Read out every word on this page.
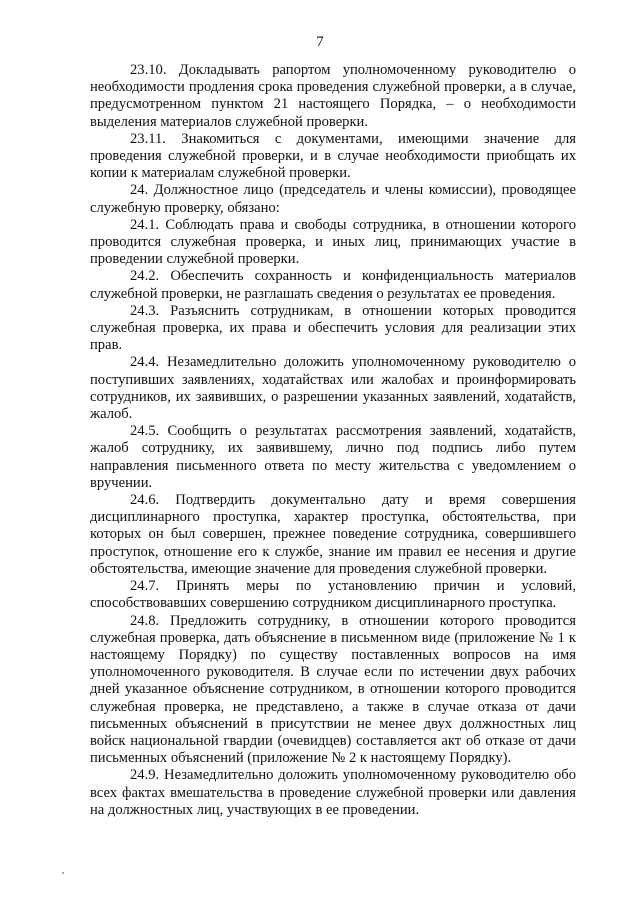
7

23.10. Докладывать рапортом уполномоченному руководителю о необходимости продления срока проведения служебной проверки, а в случае, предусмотренном пунктом 21 настоящего Порядка, – о необходимости выделения материалов служебной проверки.

23.11. Знакомиться с документами, имеющими значение для проведения служебной проверки, и в случае необходимости приобщать их копии к материалам служебной проверки.

24. Должностное лицо (председатель и члены комиссии), проводящее служебную проверку, обязано:

24.1. Соблюдать права и свободы сотрудника, в отношении которого проводится служебная проверка, и иных лиц, принимающих участие в проведении служебной проверки.

24.2. Обеспечить сохранность и конфиденциальность материалов служебной проверки, не разглашать сведения о результатах ее проведения.

24.3. Разъяснить сотрудникам, в отношении которых проводится служебная проверка, их права и обеспечить условия для реализации этих прав.

24.4. Незамедлительно доложить уполномоченному руководителю о поступивших заявлениях, ходатайствах или жалобах и проинформировать сотрудников, их заявивших, о разрешении указанных заявлений, ходатайств, жалоб.

24.5. Сообщить о результатах рассмотрения заявлений, ходатайств, жалоб сотруднику, их заявившему, лично под подпись либо путем направления письменного ответа по месту жительства с уведомлением о вручении.

24.6. Подтвердить документально дату и время совершения дисциплинарного проступка, характер проступка, обстоятельства, при которых он был совершен, прежнее поведение сотрудника, совершившего проступок, отношение его к службе, знание им правил ее несения и другие обстоятельства, имеющие значение для проведения служебной проверки.

24.7. Принять меры по установлению причин и условий, способствовавших совершению сотрудником дисциплинарного проступка.

24.8. Предложить сотруднику, в отношении которого проводится служебная проверка, дать объяснение в письменном виде (приложение № 1 к настоящему Порядку) по существу поставленных вопросов на имя уполномоченного руководителя. В случае если по истечении двух рабочих дней указанное объяснение сотрудником, в отношении которого проводится служебная проверка, не представлено, а также в случае отказа от дачи письменных объяснений в присутствии не менее двух должностных лиц войск национальной гвардии (очевидцев) составляется акт об отказе от дачи письменных объяснений (приложение № 2 к настоящему Порядку).

24.9. Незамедлительно доложить уполномоченному руководителю обо всех фактах вмешательства в проведение служебной проверки или давления на должностных лиц, участвующих в ее проведении.
